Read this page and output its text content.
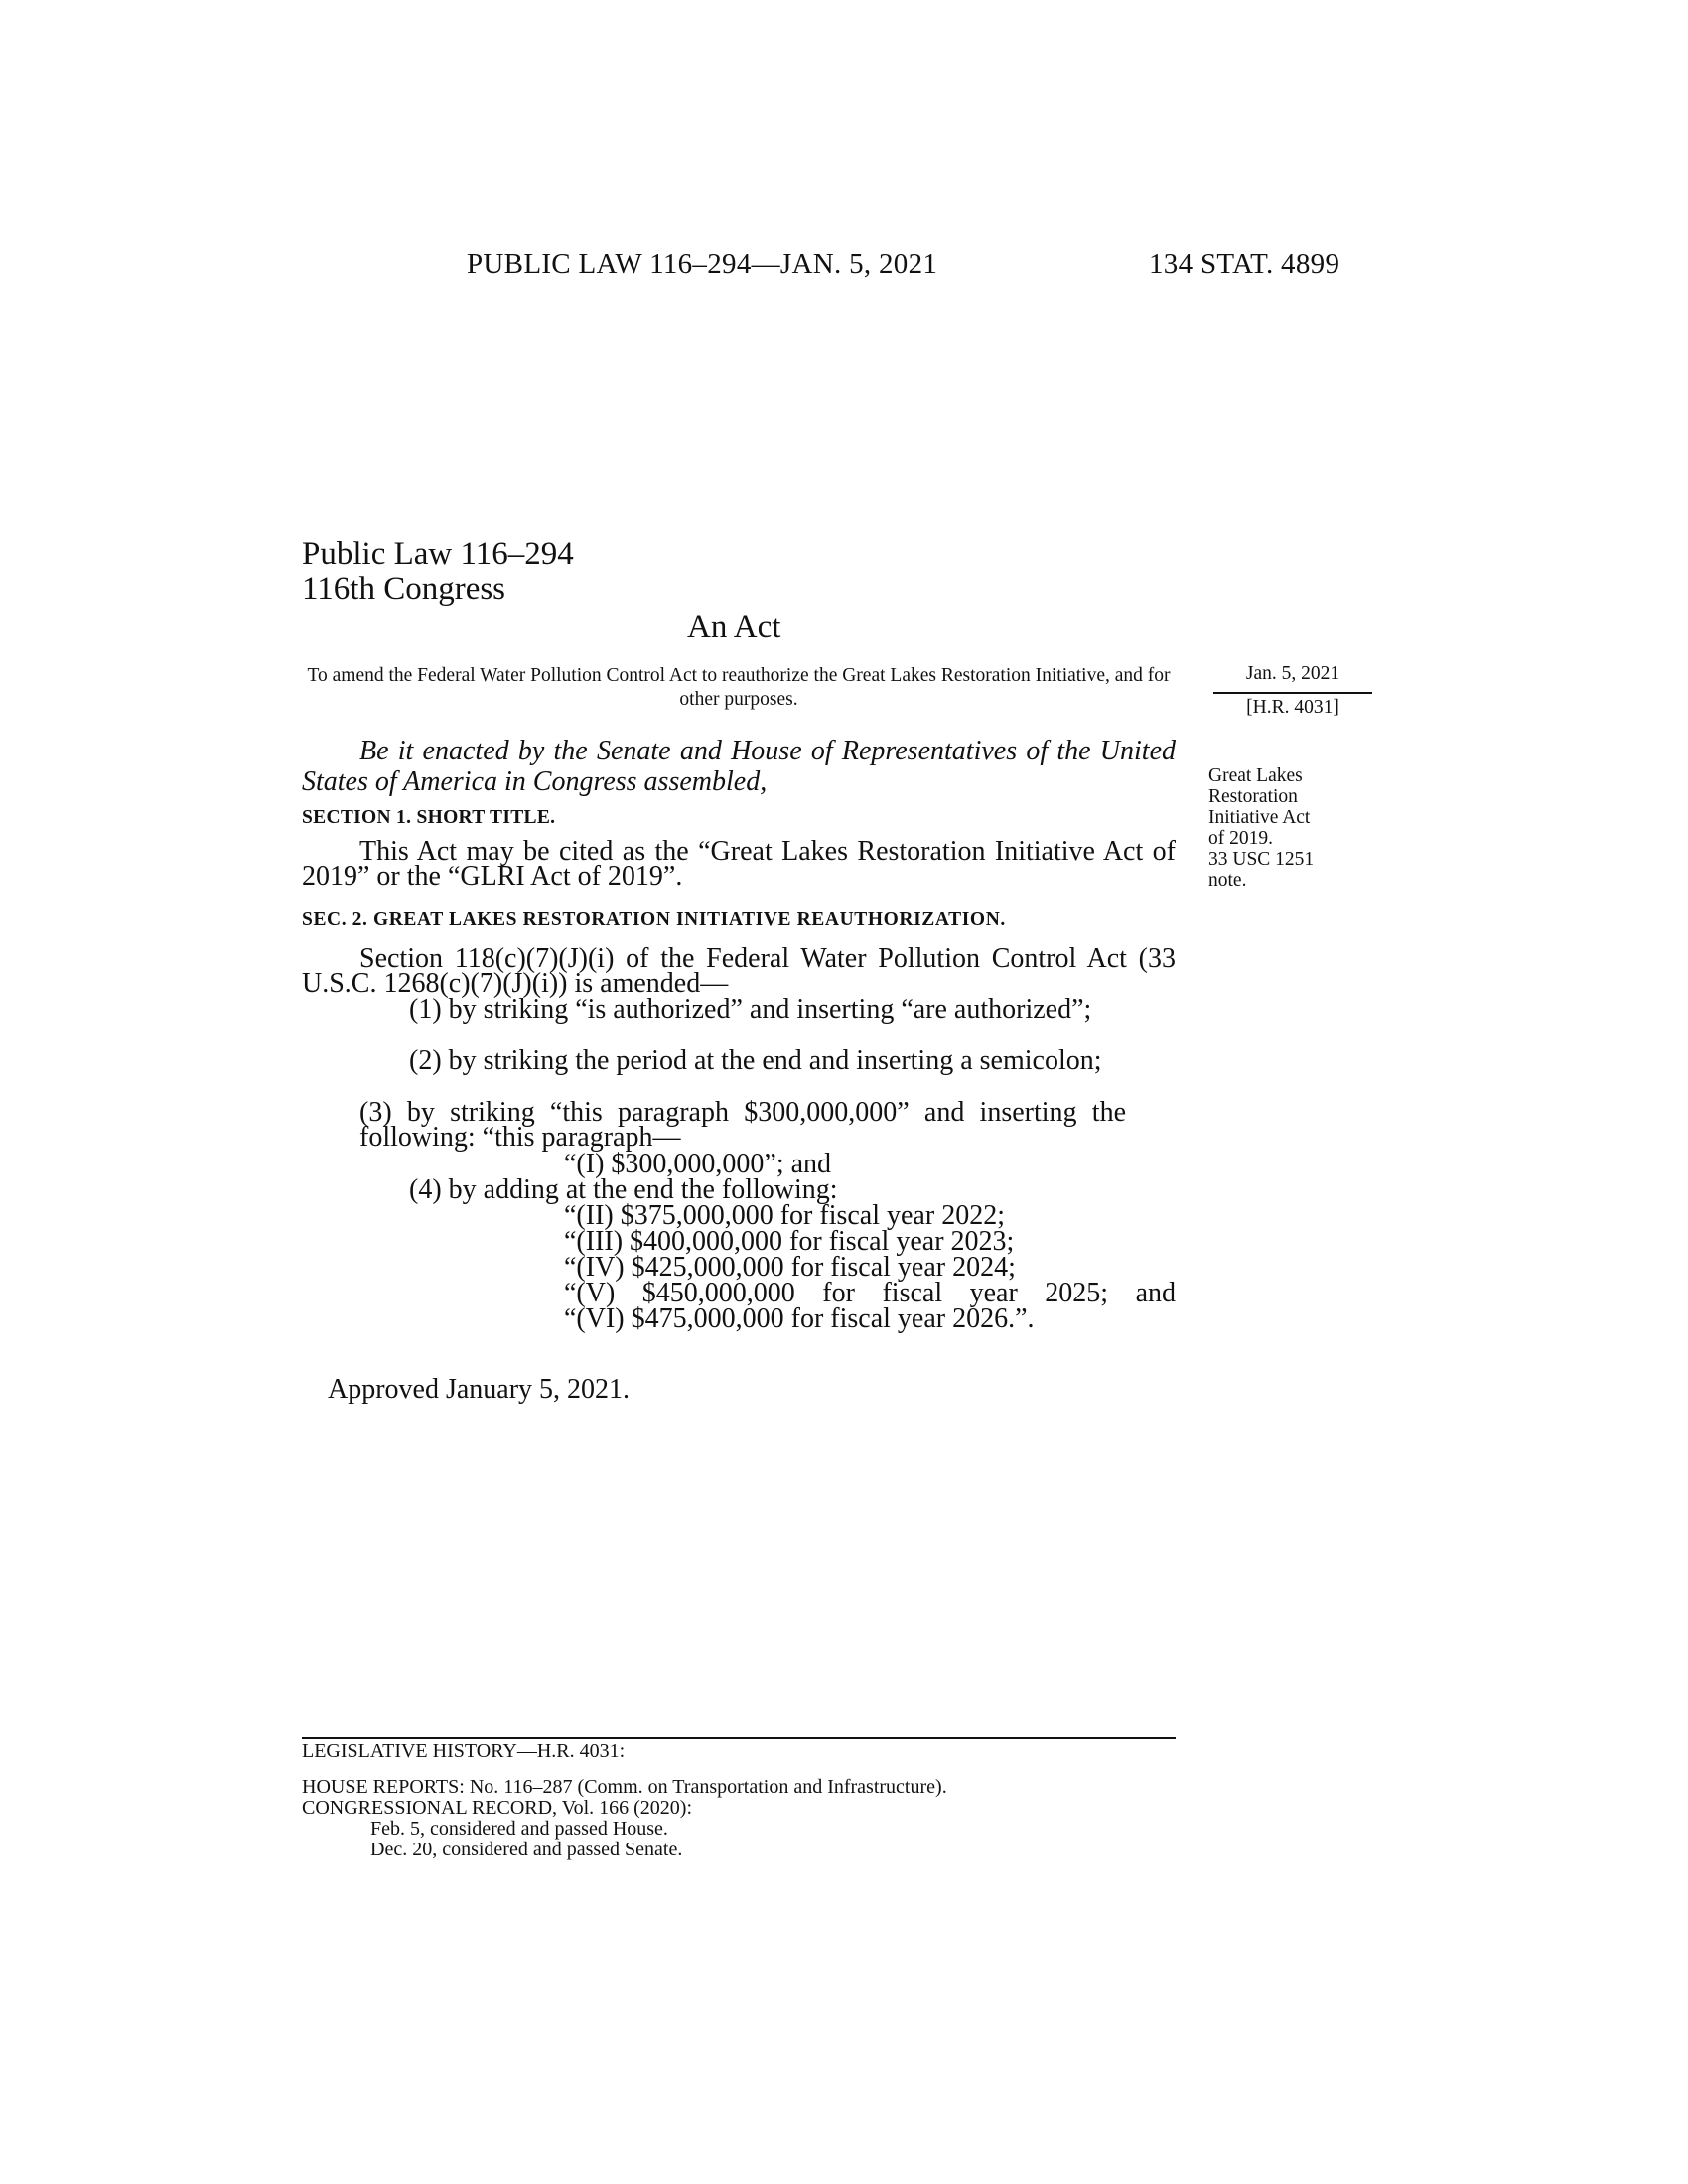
PUBLIC LAW 116–294—JAN. 5, 2021	134 STAT. 4899
Public Law 116–294
116th Congress
An Act
To amend the Federal Water Pollution Control Act to reauthorize the Great Lakes Restoration Initiative, and for other purposes.
Jan. 5, 2021
[H.R. 4031]
Be it enacted by the Senate and House of Representatives of the United States of America in Congress assembled,	Great Lakes
Restoration
Initiative Act
of 2019.
33 USC 1251
note.
SECTION 1. SHORT TITLE.
This Act may be cited as the “Great Lakes Restoration Initiative Act of 2019” or the “GLRI Act of 2019”.
SEC. 2. GREAT LAKES RESTORATION INITIATIVE REAUTHORIZATION.
Section 118(c)(7)(J)(i) of the Federal Water Pollution Control Act (33 U.S.C. 1268(c)(7)(J)(i)) is amended—
(1) by striking “is authorized” and inserting “are authorized”;
(2) by striking the period at the end and inserting a semicolon;
(3) by striking “this paragraph $300,000,000” and inserting the following: “this paragraph—
“(I) $300,000,000”; and
(4) by adding at the end the following:
“(II) $375,000,000 for fiscal year 2022;
“(III) $400,000,000 for fiscal year 2023;
“(IV) $425,000,000 for fiscal year 2024;
“(V) $450,000,000 for fiscal year 2025; and
“(VI) $475,000,000 for fiscal year 2026.”.
Approved January 5, 2021.
LEGISLATIVE HISTORY—H.R. 4031:
HOUSE REPORTS: No. 116–287 (Comm. on Transportation and Infrastructure).
CONGRESSIONAL RECORD, Vol. 166 (2020):
Feb. 5, considered and passed House.
Dec. 20, considered and passed Senate.
